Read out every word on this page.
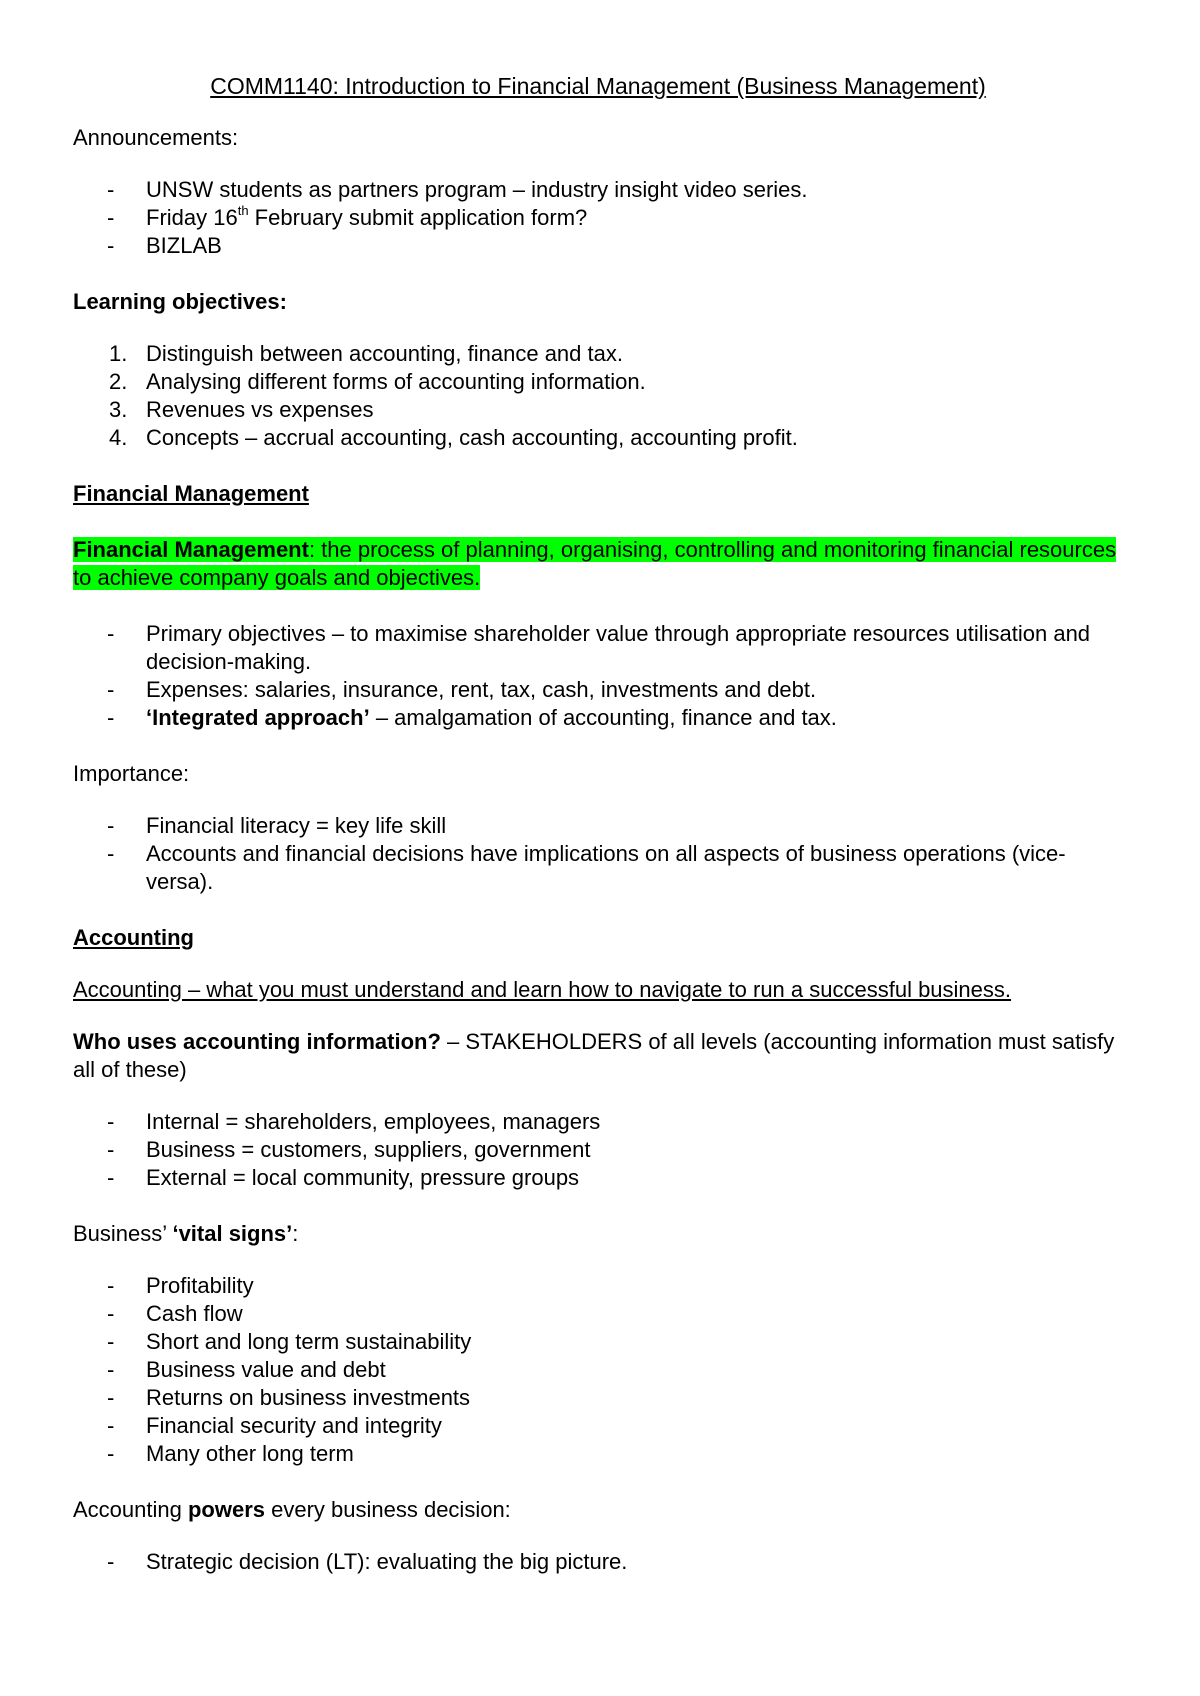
COMM1140: Introduction to Financial Management (Business Management)

Announcements:

-	UNSW students as partners program – industry insight video series.
-	Friday 16th February submit application form?
-	BIZLAB

Learning objectives:

1. Distinguish between accounting, finance and tax.
2. Analysing different forms of accounting information.
3. Revenues vs expenses
4. Concepts – accrual accounting, cash accounting, accounting profit.

Financial Management

Financial Management: the process of planning, organising, controlling and monitoring financial resources to achieve company goals and objectives.

-	Primary objectives – to maximise shareholder value through appropriate resources utilisation and decision-making.
-	Expenses: salaries, insurance, rent, tax, cash, investments and debt.
-	‘Integrated approach’ – amalgamation of accounting, finance and tax.

Importance:

-	Financial literacy = key life skill
-	Accounts and financial decisions have implications on all aspects of business operations (vice-versa).

Accounting

Accounting – what you must understand and learn how to navigate to run a successful business.

Who uses accounting information? – STAKEHOLDERS of all levels (accounting information must satisfy all of these)

-	Internal = shareholders, employees, managers
-	Business = customers, suppliers, government
-	External = local community, pressure groups

Business’ ‘vital signs’:

-	Profitability
-	Cash flow
-	Short and long term sustainability
-	Business value and debt
-	Returns on business investments
-	Financial security and integrity
-	Many other long term

Accounting powers every business decision:

-	Strategic decision (LT): evaluating the big picture.
